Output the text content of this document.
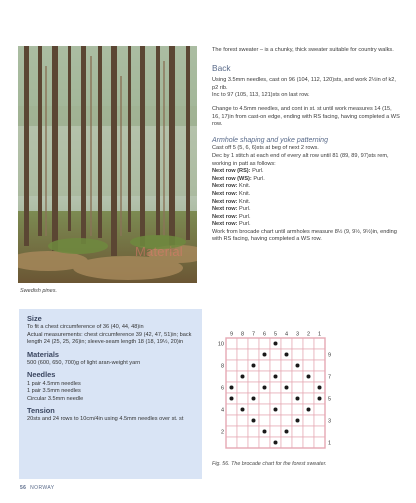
Swedish pines.
Material

The forest sweater – is a chunky, thick sweater suitable for country walks.

Back

Using 3.5mm needles, cast on 96 (104, 112, 120)sts, and work 2½in of k2, p2 rib.

Inc to 97 (105, 113, 121)sts on last row.

Change to 4.5mm needles, and cont in st. st until work measures 14 (15, 16, 17)in from cast-on edge, ending with RS facing, having completed a WS row.

Armhole shaping and yoke patterning

Cast off 5 (5, 6, 6)sts at beg of next 2 rows.

Dec by 1 stitch at each end of every alt row until 81 (89, 89, 97)sts rem, working in patt as follows:

Next row (RS): Purl.

Next row (WS): Purl.

Next row: Knit.

Next row: Knit.

Next row: Knit.

Next row: Purl.

Next row: Purl.

Next row: Purl.

Work from brocade chart until armholes measure 8½ (9, 9½, 9½)in, ending with RS facing, having completed a WS row.

Size

To fit a chest circumference of 36 (40, 44, 48)in

Actual measurements: chest circumference 39 (42, 47, 51)in; back length 24 (25, 25, 26)in; sleeve-seam length 18 (18, 19½, 20)in

Materials

500 (600, 650, 700)g of light aran-weight yarn

Needles

1 pair 4.5mm needles

1 pair 3.5mm needles

Circular 3.5mm needle

Tension

20sts and 24 rows to 10cm/4in using 4.5mm needles over st. st

9 8 7 6 5 4 3 2 1
10
8
6
4
2
9
7
5
3
1
Fig. 56. The brocade chart for the forest sweater.
56 NORWAY
